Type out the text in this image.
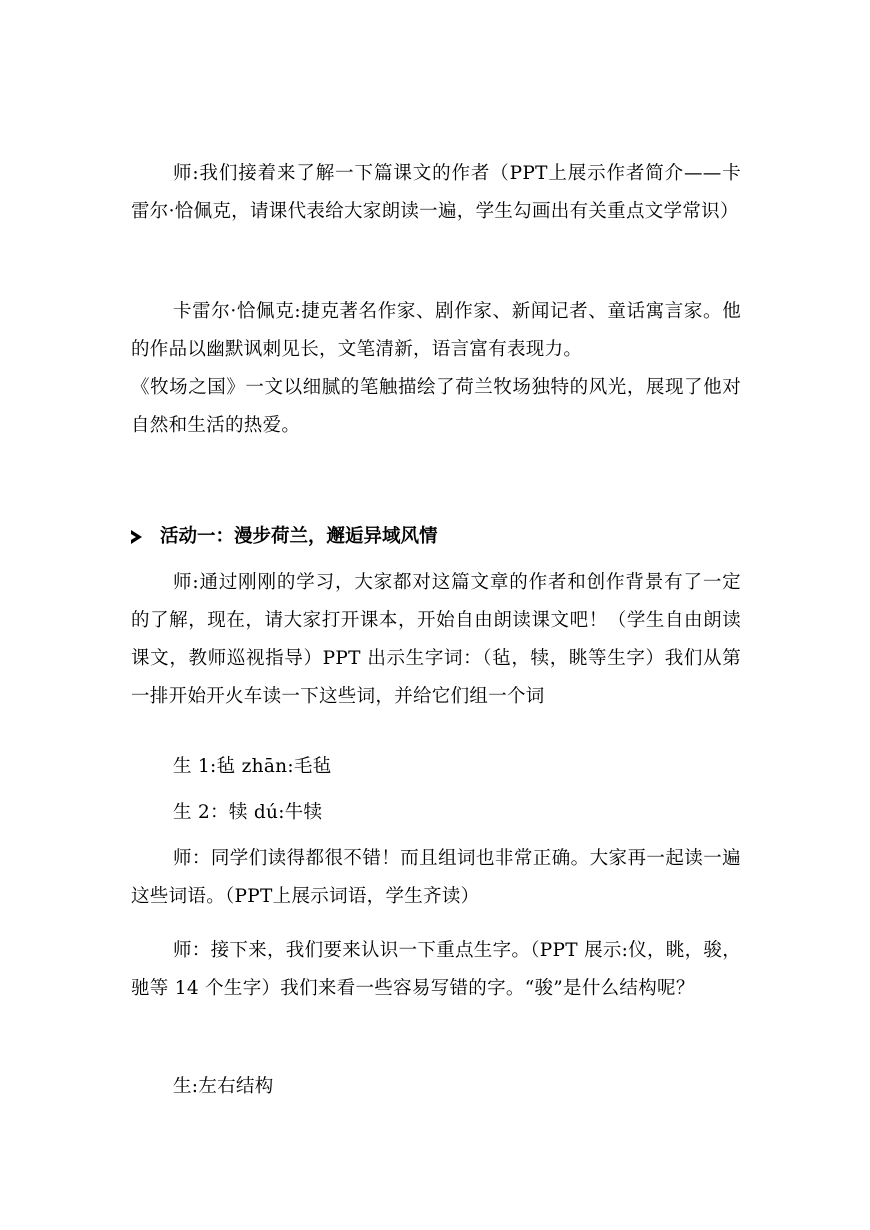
师:我们接着来了解一下篇课文的作者（PPT上展示作者简介——卡雷尔·恰佩克，请课代表给大家朗读一遍，学生勾画出有关重点文学常识）

卡雷尔·恰佩克:捷克著名作家、剧作家、新闻记者、童话寓言家。他的作品以幽默讽刺见长，文笔清新，语言富有表现力。

《牧场之国》一文以细腻的笔触描绘了荷兰牧场独特的风光，展现了他对自然和生活的热爱。

活动一：漫步荷兰，邂逅异域风情

师:通过刚刚的学习，大家都对这篇文章的作者和创作背景有了一定的了解，现在，请大家打开课本，开始自由朗读课文吧！（学生自由朗读课文，教师巡视指导）PPT 出示生字词：（毡，犊，眺等生字）我们从第一排开始开火车读一下这些词，并给它们组一个词

生 1:毡 zhān:毛毡

生 2：犊 dú:牛犊

师：同学们读得都很不错！而且组词也非常正确。大家再一起读一遍这些词语。（PPT上展示词语，学生齐读）

师：接下来，我们要来认识一下重点生字。（PPT 展示:仪，眺，骏，驰等 14 个生字）我们来看一些容易写错的字。“骏”是什么结构呢？

生:左右结构
